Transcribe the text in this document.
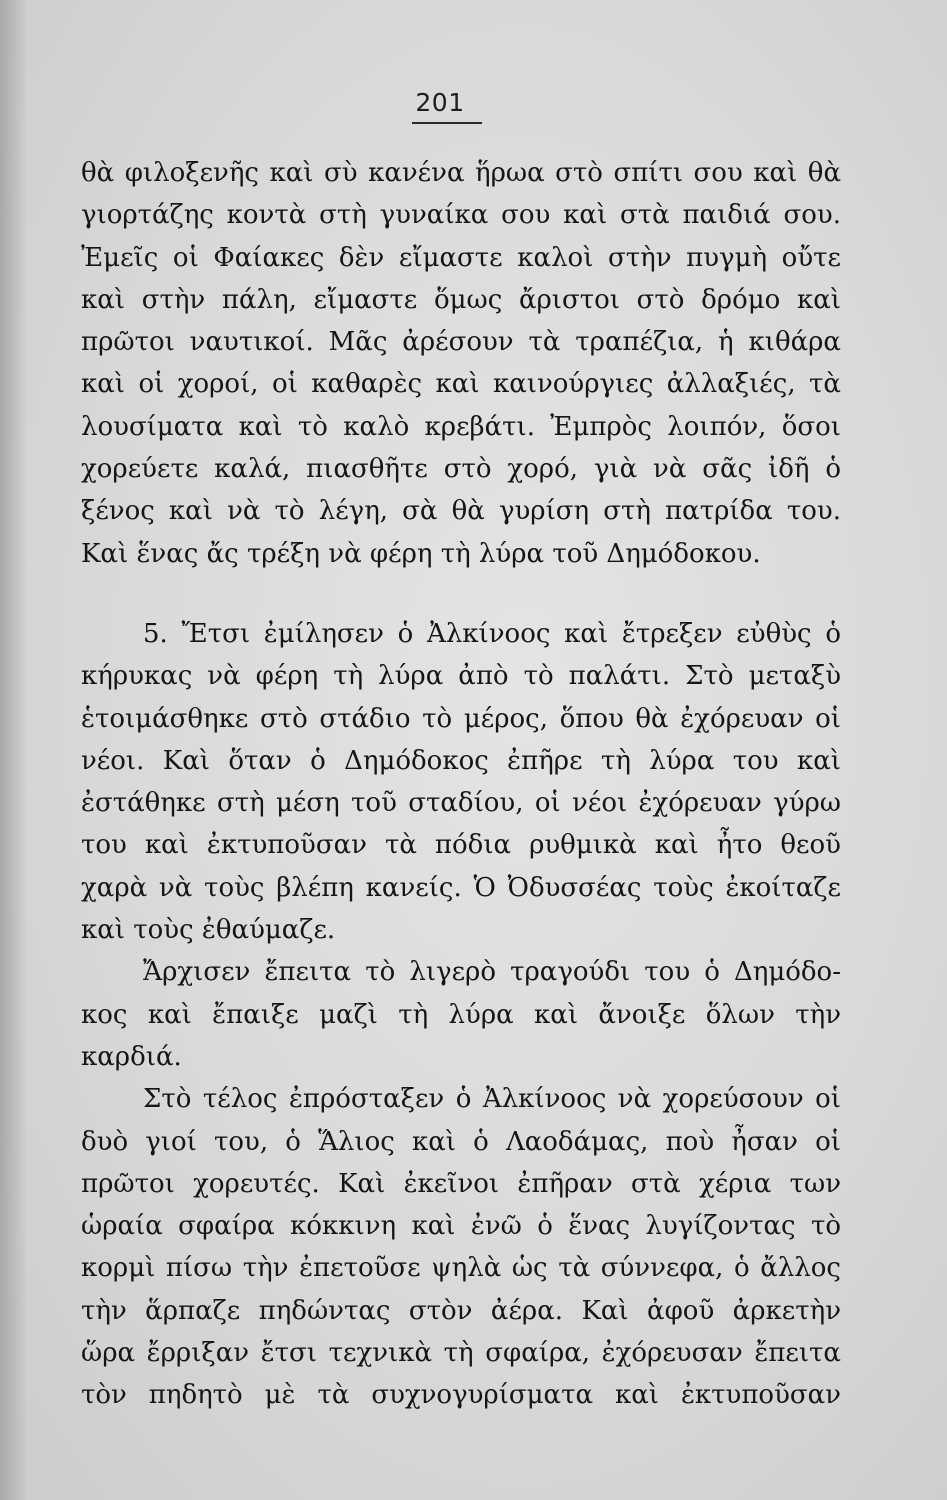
201
θὰ φιλοξενῆς καὶ σὺ κανένα ἥρωα στὸ σπίτι σου καὶ θὰ
γιορτάζης κοντὰ στὴ γυναίκα σου καὶ στὰ παιδιά σου.
Ἐμεῖς οἱ Φαίακες δὲν εἴμαστε καλοὶ στὴν πυγμὴ οὔτε
καὶ στὴν πάλη, εἴμαστε ὅμως ἄριστοι στὸ δρόμο καὶ
πρῶτοι ναυτικοί. Μᾶς ἀρέσουν τὰ τραπέζια, ἡ κιθάρα
καὶ οἱ χοροί, οἱ καθαρὲς καὶ καινούργιες ἀλλαξιές, τὰ
λουσίματα καὶ τὸ καλὸ κρεβάτι. Ἐμπρὸς λοιπόν, ὅσοι
χορεύετε καλά, πιασθῆτε στὸ χορό, γιὰ νὰ σᾶς ἰδῆ ὁ
ξένος καὶ νὰ τὸ λέγη, σὰ θὰ γυρίση στὴ πατρίδα του.
Καὶ ἕνας ἄς τρέξη νὰ φέρη τὴ λύρα τοῦ Δημόδοκου.
5. Ἔτσι ἐμίλησεν ὁ Ἀλκίνοος καὶ ἔτρεξεν εὐθὺς ὁ
κήρυκας νὰ φέρη τὴ λύρα ἀπὸ τὸ παλάτι. Στὸ μεταξὺ
ἑτοιμάσθηκε στὸ στάδιο τὸ μέρος, ὅπου θὰ ἐχόρευαν οἱ
νέοι. Καὶ ὅταν ὁ Δημόδοκος ἐπῆρε τὴ λύρα του καὶ
ἐστάθηκε στὴ μέση τοῦ σταδίου, οἱ νέοι ἐχόρευαν γύρω
του καὶ ἐκτυποῦσαν τὰ πόδια ρυθμικὰ καὶ ἦτο θεοῦ
χαρὰ νὰ τοὺς βλέπη κανείς. Ὁ Ὀδυσσέας τοὺς ἐκοίταζε
καὶ τοὺς ἐθαύμαζε.
Ἄρχισεν ἔπειτα τὸ λιγερὸ τραγούδι του ὁ Δημόδο-
κος καὶ ἔπαιξε μαζὶ τὴ λύρα καὶ ἄνοιξε ὅλων τὴν
καρδιά.
Στὸ τέλος ἐπρόσταξεν ὁ Ἀλκίνοος νὰ χορεύσουν οἱ
δυὸ γιοί του, ὁ Ἅλιος καὶ ὁ Λαοδάμας, ποὺ ἦσαν οἱ
πρῶτοι χορευτές. Καὶ ἐκεῖνοι ἐπῆραν στὰ χέρια των
ὡραία σφαίρα κόκκινη καὶ ἐνῶ ὁ ἕνας λυγίζοντας τὸ
κορμὶ πίσω τὴν ἐπετοῦσε ψηλὰ ὡς τὰ σύννεφα, ὁ ἄλλος
τὴν ἅρπαζε πηδώντας στὸν ἀέρα. Καὶ ἀφοῦ ἀρκετὴν
ὥρα ἔρριξαν ἔτσι τεχνικὰ τὴ σφαίρα, ἐχόρευσαν ἔπειτα
τὸν πηδητὸ μὲ τὰ συχνογυρίσματα καὶ ἐκτυποῦσαν
